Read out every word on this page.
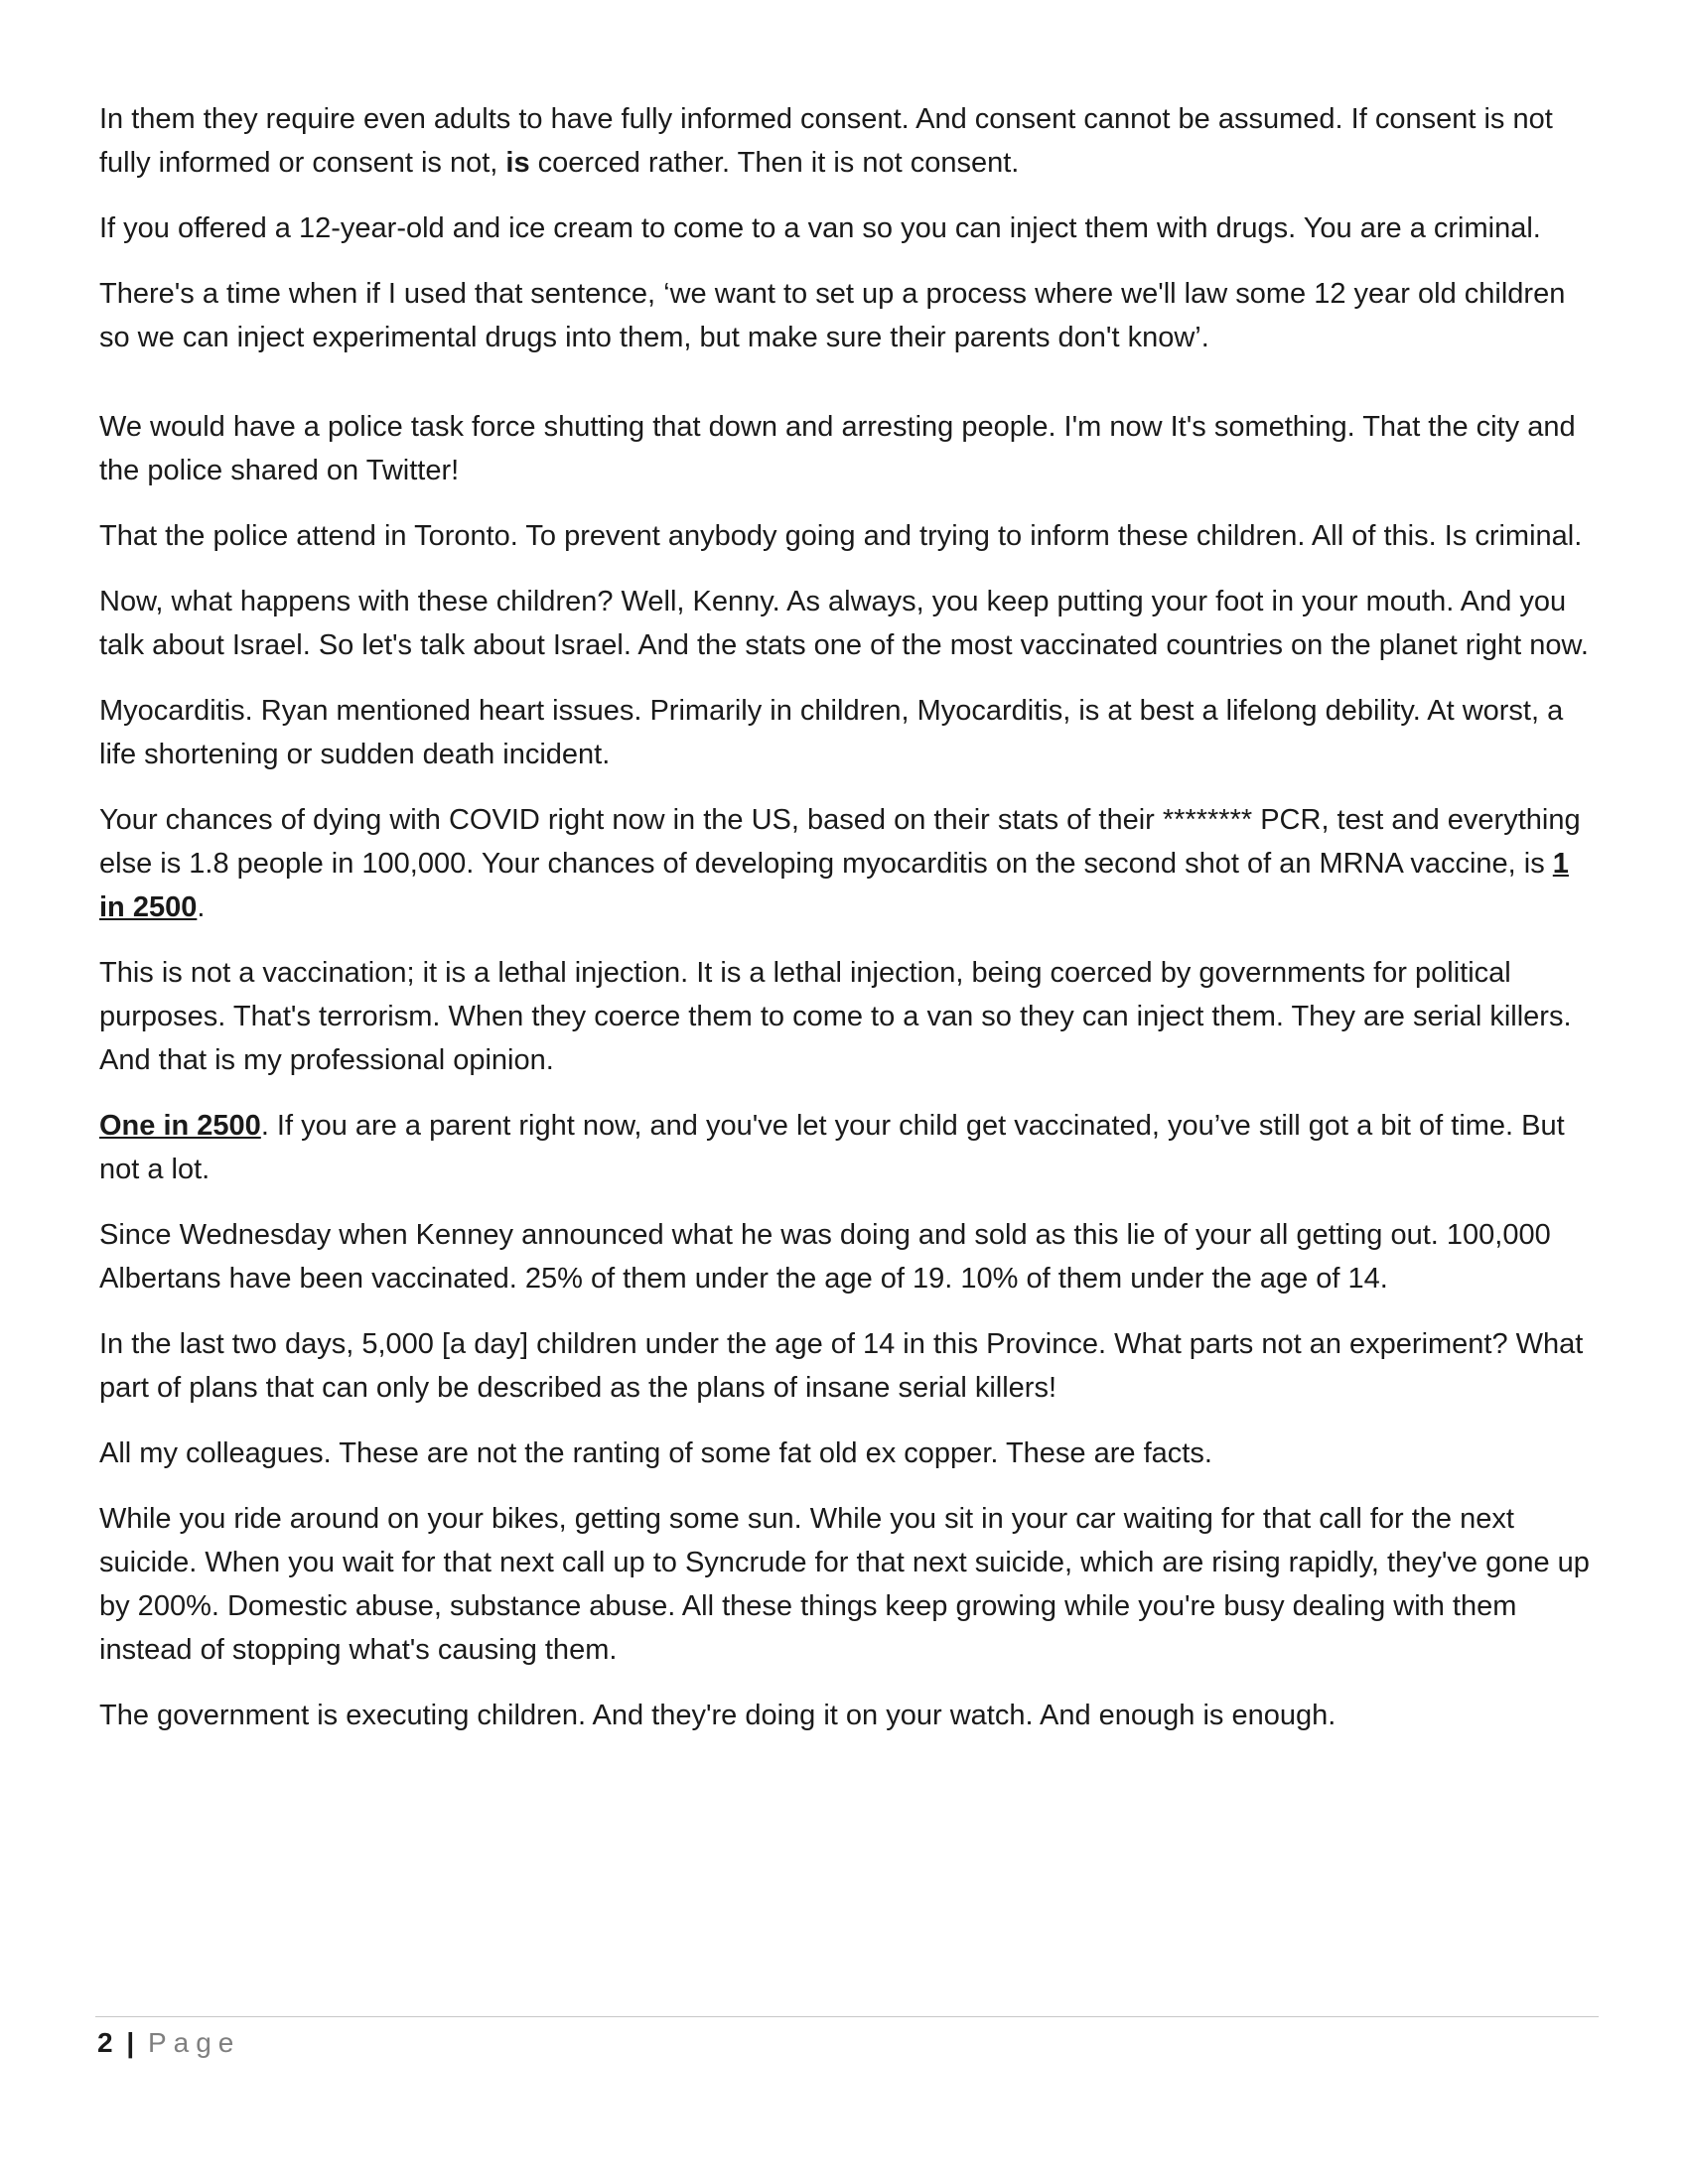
In them they require even adults to have fully informed consent. And consent cannot be assumed. If consent is not fully informed or consent is not, is coerced rather. Then it is not consent.

If you offered a 12-year-old and ice cream to come to a van so you can inject them with drugs. You are a criminal.

There's a time when if I used that sentence, ‘we want to set up a process where we'll law some 12 year old children so we can inject experimental drugs into them, but make sure their parents don't know’.

We would have a police task force shutting that down and arresting people. I'm now It's something. That the city and the police shared on Twitter!

That the police attend in Toronto. To prevent anybody going and trying to inform these children. All of this. Is criminal.

Now, what happens with these children? Well, Kenny. As always, you keep putting your foot in your mouth. And you talk about Israel. So let's talk about Israel. And the stats one of the most vaccinated countries on the planet right now.

Myocarditis. Ryan mentioned heart issues. Primarily in children, Myocarditis, is at best a lifelong debility. At worst, a life shortening or sudden death incident.

Your chances of dying with COVID right now in the US, based on their stats of their ******** PCR, test and everything else is 1.8 people in 100,000. Your chances of developing myocarditis on the second shot of an MRNA vaccine, is 1 in 2500.

This is not a vaccination; it is a lethal injection. It is a lethal injection, being coerced by governments for political purposes. That's terrorism. When they coerce them to come to a van so they can inject them. They are serial killers. And that is my professional opinion.

One in 2500. If you are a parent right now, and you've let your child get vaccinated, you’ve still got a bit of time. But not a lot.

Since Wednesday when Kenney announced what he was doing and sold as this lie of your all getting out. 100,000 Albertans have been vaccinated. 25% of them under the age of 19. 10% of them under the age of 14.

In the last two days, 5,000 [a day] children under the age of 14 in this Province. What parts not an experiment? What part of plans that can only be described as the plans of insane serial killers!

All my colleagues. These are not the ranting of some fat old ex copper. These are facts.

While you ride around on your bikes, getting some sun. While you sit in your car waiting for that call for the next suicide. When you wait for that next call up to Syncrude for that next suicide, which are rising rapidly, they've gone up by 200%. Domestic abuse, substance abuse. All these things keep growing while you're busy dealing with them instead of stopping what's causing them.

The government is executing children. And they're doing it on your watch. And enough is enough.

2 | Page
